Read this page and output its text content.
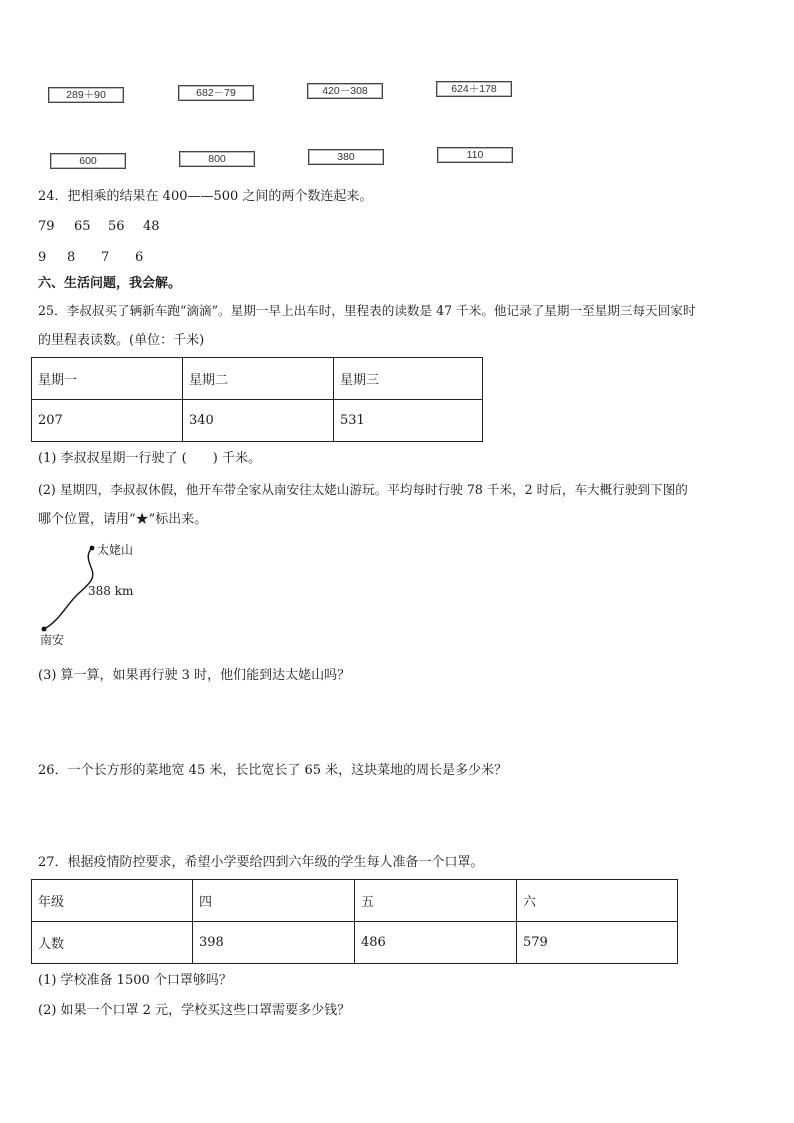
289＋90	682－79	420－308	624＋178
600	800	380	110
24．把相乘的结果在 400——500 之间的两个数连起来。
79 65 56 48
9 8 7 6
六、生活问题，我会解。
25．李叔叔买了辆新车跑“滴滴”。星期一早上出车时，里程表的读数是 47 千米。他记录了星期一至星期三每天回家时
的里程表读数。(单位：千米)
星期一	星期二	星期三
207	340	531
(1) 李叔叔星期一行驶了 (　　) 千米。
(2) 星期四，李叔叔休假，他开车带全家从南安往太姥山游玩。平均每时行驶 78 千米，2 时后，车大概行驶到下图的
哪个位置，请用“★”标出来。
太姥山
388 km
南安
(3) 算一算，如果再行驶 3 时，他们能到达太姥山吗？
26．一个长方形的菜地宽 45 米，长比宽长了 65 米，这块菜地的周长是多少米？
27．根据疫情防控要求，希望小学要给四到六年级的学生每人准备一个口罩。
年级	四	五	六
人数	398	486	579
(1) 学校准备 1500 个口罩够吗？
(2) 如果一个口罩 2 元，学校买这些口罩需要多少钱？
